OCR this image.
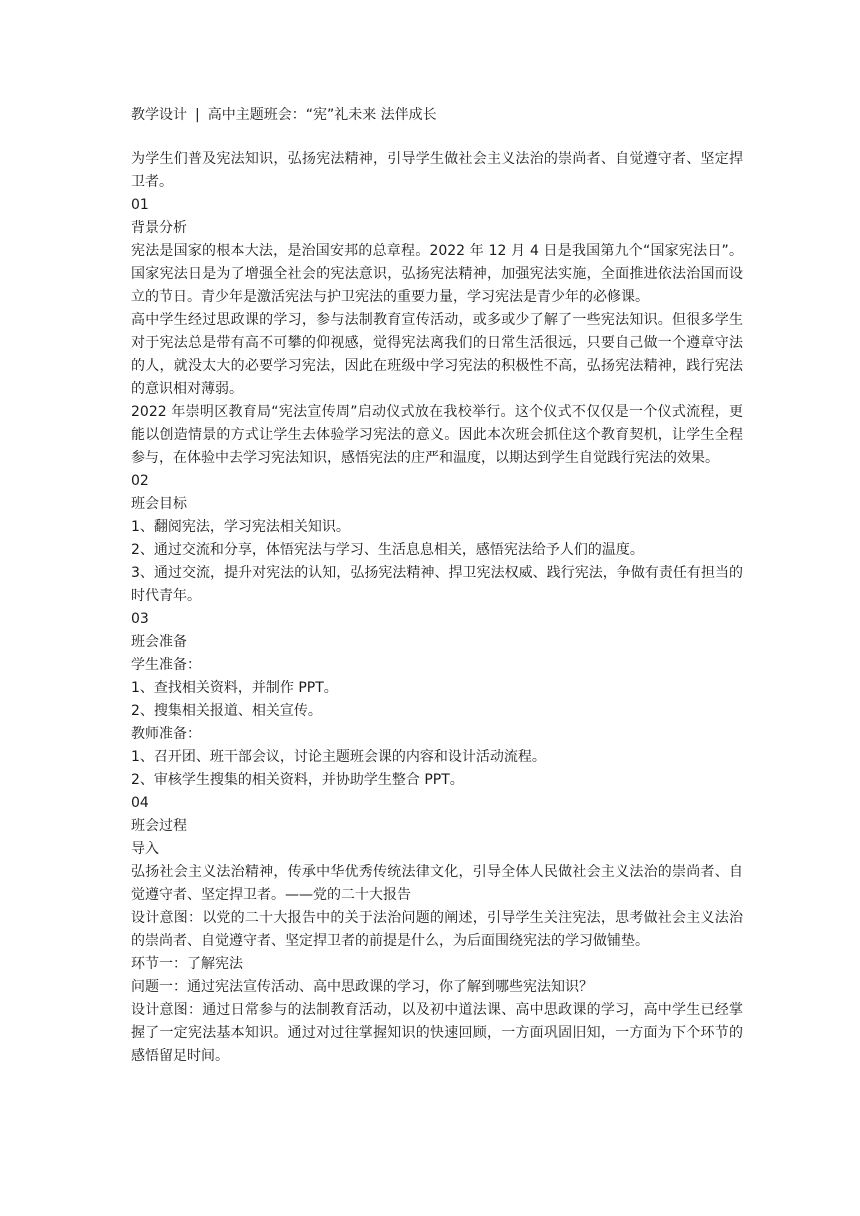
教学设计 | 高中主题班会：“宪”礼未来 法伴成长

为学生们普及宪法知识，弘扬宪法精神，引导学生做社会主义法治的崇尚者、自觉遵守者、坚定捍卫者。

01

背景分析

宪法是国家的根本大法，是治国安邦的总章程。2022 年 12 月 4 日是我国第九个“国家宪法日”。国家宪法日是为了增强全社会的宪法意识，弘扬宪法精神，加强宪法实施，全面推进依法治国而设立的节日。青少年是激活宪法与护卫宪法的重要力量，学习宪法是青少年的必修课。

高中学生经过思政课的学习，参与法制教育宣传活动，或多或少了解了一些宪法知识。但很多学生对于宪法总是带有高不可攀的仰视感，觉得宪法离我们的日常生活很远，只要自己做一个遵章守法的人，就没太大的必要学习宪法，因此在班级中学习宪法的积极性不高，弘扬宪法精神，践行宪法的意识相对薄弱。

2022 年崇明区教育局“宪法宣传周”启动仪式放在我校举行。这个仪式不仅仅是一个仪式流程，更能以创造情景的方式让学生去体验学习宪法的意义。因此本次班会抓住这个教育契机，让学生全程参与，在体验中去学习宪法知识，感悟宪法的庄严和温度，以期达到学生自觉践行宪法的效果。

02

班会目标

1、翻阅宪法，学习宪法相关知识。

2、通过交流和分享，体悟宪法与学习、生活息息相关，感悟宪法给予人们的温度。

3、通过交流，提升对宪法的认知，弘扬宪法精神、捍卫宪法权威、践行宪法，争做有责任有担当的时代青年。

03

班会准备

学生准备：

1、查找相关资料，并制作 PPT。

2、搜集相关报道、相关宣传。

教师准备：

1、召开团、班干部会议，讨论主题班会课的内容和设计活动流程。

2、审核学生搜集的相关资料，并协助学生整合 PPT。

04

班会过程

导入

弘扬社会主义法治精神，传承中华优秀传统法律文化，引导全体人民做社会主义法治的崇尚者、自觉遵守者、坚定捍卫者。——党的二十大报告

设计意图：以党的二十大报告中的关于法治问题的阐述，引导学生关注宪法，思考做社会主义法治的崇尚者、自觉遵守者、坚定捍卫者的前提是什么，为后面围绕宪法的学习做铺垫。

环节一：了解宪法

问题一：通过宪法宣传活动、高中思政课的学习，你了解到哪些宪法知识？

设计意图：通过日常参与的法制教育活动，以及初中道法课、高中思政课的学习，高中学生已经掌握了一定宪法基本知识。通过对过往掌握知识的快速回顾，一方面巩固旧知，一方面为下个环节的感悟留足时间。
